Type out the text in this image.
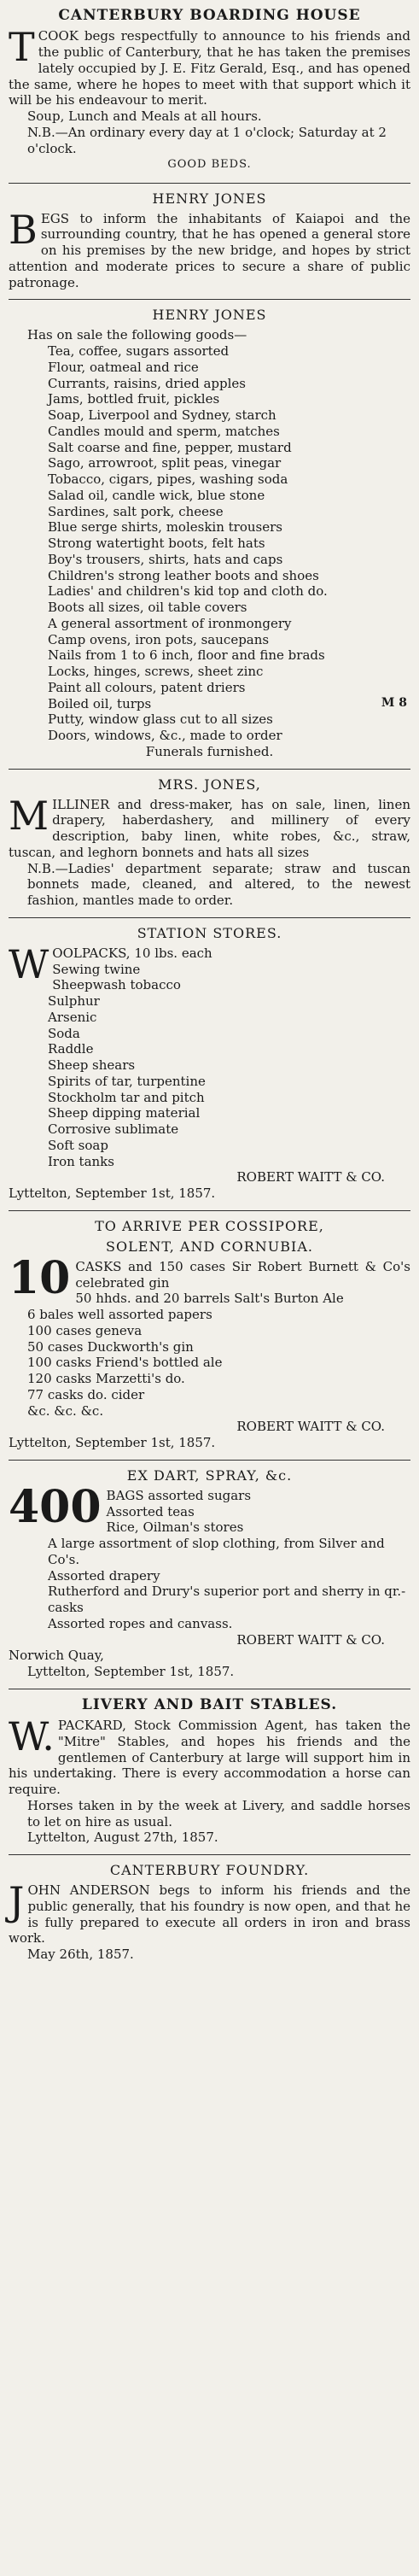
CANTERBURY BOARDING HOUSE

TCOOK begs respectfully to announce to his friends and the public of Canterbury, that he has taken the premises lately occupied by J. E. Fitz Gerald, Esq., and has opened the same, where he hopes to meet with that support which it will be his endeavour to merit.

Soup, Lunch and Meals at all hours.
N.B.—An ordinary every day at 1 o'clock; Saturday at 2 o'clock.
GOOD BEDS.
HENRY JONES

BEGS to inform the inhabitants of Kaiapoi and the surrounding country, that he has opened a general store on his premises by the new bridge, and hopes by strict attention and moderate prices to secure a share of public patronage.

HENRY JONES
Has on sale the following goods—
Tea, coffee, sugars assorted
Flour, oatmeal and rice
Currants, raisins, dried apples
Jams, bottled fruit, pickles
Soap, Liverpool and Sydney, starch
Candles mould and sperm, matches
Salt coarse and fine, pepper, mustard
Sago, arrowroot, split peas, vinegar
Tobacco, cigars, pipes, washing soda
Salad oil, candle wick, blue stone
Sardines, salt pork, cheese
Blue serge shirts, moleskin trousers
Strong watertight boots, felt hats
Boy's trousers, shirts, hats and caps
Children's strong leather boots and shoes
Ladies' and children's kid top and cloth do.
Boots all sizes, oil table covers
A general assortment of ironmongery
Camp ovens, iron pots, saucepans
Nails from 1 to 6 inch, floor and fine brads
Locks, hinges, screws, sheet zinc
Paint all colours, patent driers
Boiled oil, turps	M 8
Putty, window glass cut to all sizes
Doors, windows, &c., made to order
Funerals furnished.
MRS. JONES,

MILLINER and dress-maker, has on sale, linen, linen drapery, haberdashery, and millinery of every description, baby linen, white robes, &c., straw, tuscan, and leghorn bonnets and hats all sizes

N.B.—Ladies' department separate; straw and tuscan bonnets made, cleaned, and altered, to the newest fashion, mantles made to order.

STATION STORES.
WOOLPACKS, 10 lbs. each
Sewing twine
Sheepwash tobacco
Sulphur
Arsenic
Soda
Raddle
Sheep shears
Spirits of tar, turpentine
Stockholm tar and pitch
Sheep dipping material
Corrosive sublimate
Soft soap
Iron tanks
ROBERT WAITT & CO.
Lyttelton, September 1st, 1857.
TO ARRIVE PER COSSIPORE,
SOLENT, AND CORNUBIA.

10 CASKS and 150 cases Sir Robert Burnett & Co's celebrated gin

50 hhds. and 20 barrels Salt's Burton Ale
6 bales well assorted papers
100 cases geneva
50 cases Duckworth's gin
100 casks Friend's bottled ale
120 casks Marzetti's do.
77 casks do. cider
&c. &c. &c.
ROBERT WAITT & CO.
Lyttelton, September 1st, 1857.
EX DART, SPRAY, &c.
400 BAGS assorted sugars
Assorted teas
Rice, Oilman's stores
A large assortment of slop clothing, from Silver and Co's.
Assorted drapery
Rutherford and Drury's superior port and sherry in qr.-casks
Assorted ropes and canvass.
ROBERT WAITT & CO.
Norwich Quay,
Lyttelton, September 1st, 1857.
LIVERY AND BAIT STABLES.

W. PACKARD, Stock Commission Agent, has taken the "Mitre" Stables, and hopes his friends and the gentlemen of Canterbury at large will support him in his undertaking. There is every accommodation a horse can require.

Horses taken in by the week at Livery, and saddle horses to let on hire as usual.

Lyttelton, August 27th, 1857.
CANTERBURY FOUNDRY.

JOHN ANDERSON begs to inform his friends and the public generally, that his foundry is now open, and that he is fully prepared to execute all orders in iron and brass work.

May 26th, 1857.
